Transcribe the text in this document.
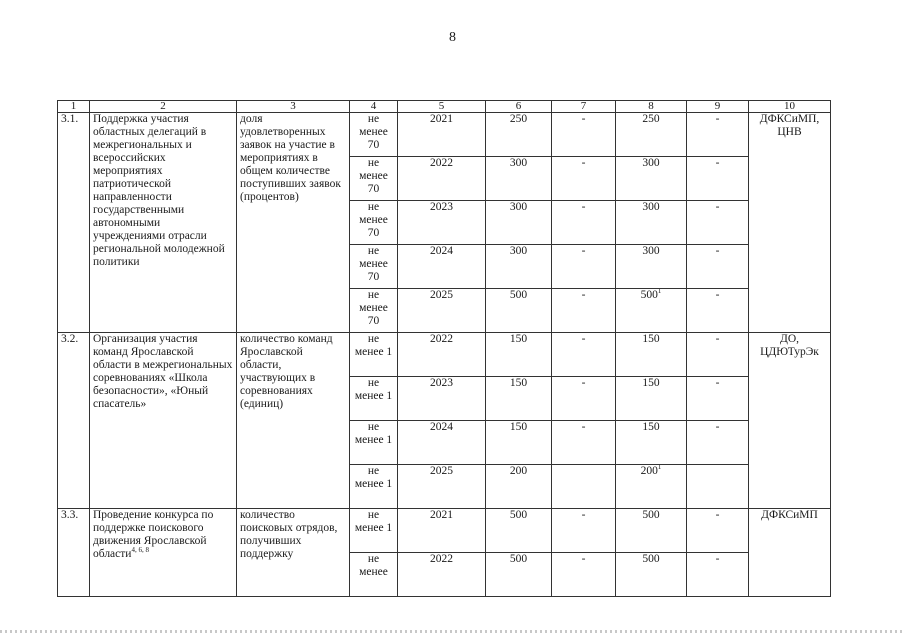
8
1	2	3	4	5	6	7	8	9	10
3.1.	Поддержка участия областных делегаций в межрегиональных и всероссийских мероприятиях патриотической направленности государственными автономными учреждениями отрасли региональной молодежной политики	доля удовлетворенных заявок на участие в мероприятиях в общем количестве поступивших заявок (процентов)	не менее 70	2021	250	-	250	-	ДФКСиМП, ЦНВ
			не менее 70	2022	300	-	300	-	
			не менее 70	2023	300	-	300	-	
			не менее 70	2024	300	-	300	-	
			не менее 70	2025	500	-	$500^1$	-	
3.2.	Организация участия команд Ярославской области в межрегиональных соревнованиях «Школа безопасности», «Юный спасатель»	количество команд Ярославской области, участвующих в соревнованиях (единиц)	не менее 1	2022	150	-	150	-	ДО, ЦДЮТурЭк
			не менее 1	2023	150	-	150	-	
			не менее 1	2024	150	-	150	-	
			не менее 1	2025	200		$200^1$	
3.3.	Проведение конкурса по поддержке поискового движения Ярославской области$^{4, 6, 8}$	количество поисковых отрядов, получивших поддержку	не менее 1	2021	500	-	500	-	ДФКСиМП
			не менее	2022	500	-	500	-	
